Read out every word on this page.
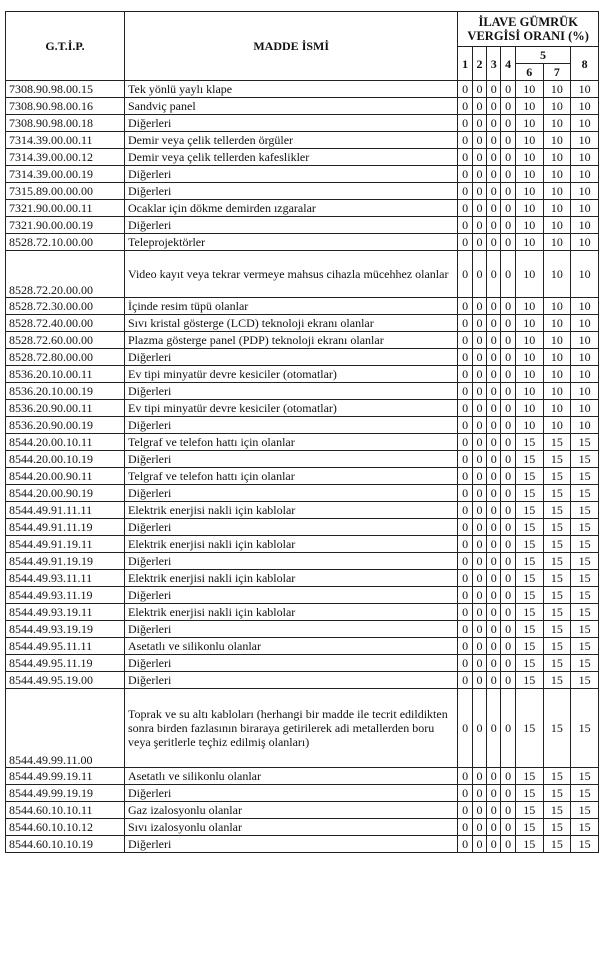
G.T.İ.P.	MADDE İSMİ	İLAVE GÜMRÜK VERGİSİ ORANI (%)						
		1	2	3	4	5		8
						6	7	
7308.90.98.00.15	Tek yönlü yaylı klape	0	0	0	0	10	10	10
7308.90.98.00.16	Sandviç panel	0	0	0	0	10	10	10
7308.90.98.00.18	Diğerleri	0	0	0	0	10	10	10
7314.39.00.00.11	Demir veya çelik tellerden örgüler	0	0	0	0	10	10	10
7314.39.00.00.12	Demir veya çelik tellerden kafeslikler	0	0	0	0	10	10	10
7314.39.00.00.19	Diğerleri	0	0	0	0	10	10	10
7315.89.00.00.00	Diğerleri	0	0	0	0	10	10	10
7321.90.00.00.11	Ocaklar için dökme demirden ızgaralar	0	0	0	0	10	10	10
7321.90.00.00.19	Diğerleri	0	0	0	0	10	10	10
8528.72.10.00.00	Teleprojektörler	0	0	0	0	10	10	10
8528.72.20.00.00	Video kayıt veya tekrar vermeye mahsus cihazla mücehhez olanlar	0	0	0	0	10	10	10
8528.72.30.00.00	İçinde resim tüpü olanlar	0	0	0	0	10	10	10
8528.72.40.00.00	Sıvı kristal gösterge (LCD) teknoloji ekranı olanlar	0	0	0	0	10	10	10
8528.72.60.00.00	Plazma gösterge panel (PDP) teknoloji ekranı olanlar	0	0	0	0	10	10	10
8528.72.80.00.00	Diğerleri	0	0	0	0	10	10	10
8536.20.10.00.11	Ev tipi minyatür devre kesiciler (otomatlar)	0	0	0	0	10	10	10
8536.20.10.00.19	Diğerleri	0	0	0	0	10	10	10
8536.20.90.00.11	Ev tipi minyatür devre kesiciler (otomatlar)	0	0	0	0	10	10	10
8536.20.90.00.19	Diğerleri	0	0	0	0	10	10	10
8544.20.00.10.11	Telgraf ve telefon hattı için olanlar	0	0	0	0	15	15	15
8544.20.00.10.19	Diğerleri	0	0	0	0	15	15	15
8544.20.00.90.11	Telgraf ve telefon hattı için olanlar	0	0	0	0	15	15	15
8544.20.00.90.19	Diğerleri	0	0	0	0	15	15	15
8544.49.91.11.11	Elektrik enerjisi nakli için kablolar	0	0	0	0	15	15	15
8544.49.91.11.19	Diğerleri	0	0	0	0	15	15	15
8544.49.91.19.11	Elektrik enerjisi nakli için kablolar	0	0	0	0	15	15	15
8544.49.91.19.19	Diğerleri	0	0	0	0	15	15	15
8544.49.93.11.11	Elektrik enerjisi nakli için kablolar	0	0	0	0	15	15	15
8544.49.93.11.19	Diğerleri	0	0	0	0	15	15	15
8544.49.93.19.11	Elektrik enerjisi nakli için kablolar	0	0	0	0	15	15	15
8544.49.93.19.19	Diğerleri	0	0	0	0	15	15	15
8544.49.95.11.11	Asetatlı ve silikonlu olanlar	0	0	0	0	15	15	15
8544.49.95.11.19	Diğerleri	0	0	0	0	15	15	15
8544.49.95.19.00	Diğerleri	0	0	0	0	15	15	15
8544.49.99.11.00	Toprak ve su altı kabloları (herhangi bir madde ile tecrit edildikten sonra birden fazlasının biraraya getirilerek adi metallerden boru veya şeritlerle teçhiz edilmiş olanları)	0	0	0	0	15	15	15
8544.49.99.19.11	Asetatlı ve silikonlu olanlar	0	0	0	0	15	15	15
8544.49.99.19.19	Diğerleri	0	0	0	0	15	15	15
8544.60.10.10.11	Gaz izalosyonlu olanlar	0	0	0	0	15	15	15
8544.60.10.10.12	Sıvı izalosyonlu olanlar	0	0	0	0	15	15	15
8544.60.10.10.19	Diğerleri	0	0	0	0	15	15	15
